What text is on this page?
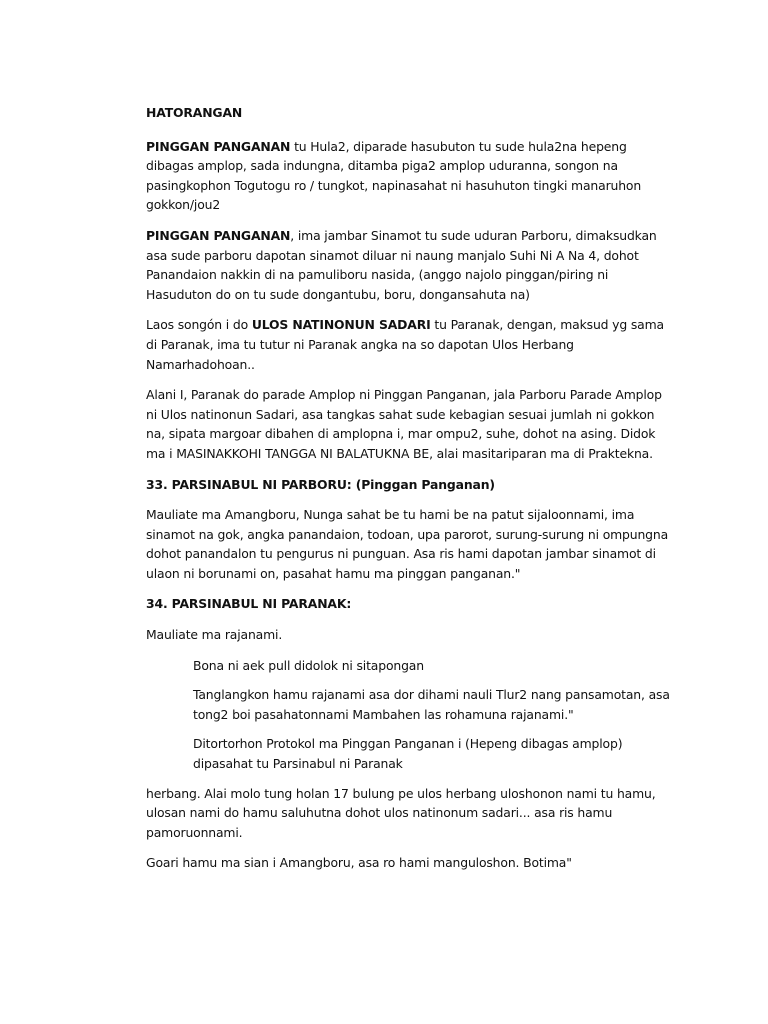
HATORANGAN

PINGGAN PANGANAN tu Hula2, diparade hasubuton tu sude hula2na hepeng dibagas amplop, sada indungna, ditamba piga2 amplop uduranna, songon na pasingkophon Togutogu ro / tungkot, napinasahat ni hasuhuton tingki manaruhon gokkon/jou2

PINGGAN PANGANAN, ima jambar Sinamot tu sude uduran Parboru, dimaksudkan asa sude parboru dapotan sinamot diluar ni naung manjalo Suhi Ni A Na 4, dohot Panandaion nakkin di na pamuliboru nasida, (anggo najolo pinggan/piring ni Hasuduton do on tu sude dongantubu, boru, dongansahuta na)

Laos songón i do ULOS NATINONUN SADARI tu Paranak, dengan, maksud yg sama di Paranak, ima tu tutur ni Paranak angka na so dapotan Ulos Herbang Namarhadohoan..

Alani I, Paranak do parade Amplop ni Pinggan Panganan, jala Parboru Parade Amplop ni Ulos natinonun Sadari, asa tangkas sahat sude kebagian sesuai jumlah ni gokkon na, sipata margoar dibahen di amplopna i, mar ompu2, suhe, dohot na asing. Didok ma i MASINAKKOHI TANGGA NI BALATUKNA BE, alai masitariparan ma di Praktekna.

33. PARSINABUL NI PARBORU: (Pinggan Panganan)

Mauliate ma Amangboru, Nunga sahat be tu hami be na patut sijaloonnami, ima sinamot na gok, angka panandaion, todoan, upa parorot, surung-surung ni ompungna dohot panandalon tu pengurus ni punguan. Asa ris hami dapotan jambar sinamot di ulaon ni borunami on, pasahat hamu ma pinggan panganan."

34. PARSINABUL NI PARANAK:

Mauliate ma rajanami.

Bona ni aek pull didolok ni sitapongan

Tanglangkon hamu rajanami asa dor dihami nauli Tlur2 nang pansamotan, asa tong2 boi pasahatonnami Mambahen las rohamuna rajanami."

Ditortorhon Protokol ma Pinggan Panganan i (Hepeng dibagas amplop) dipasahat tu Parsinabul ni Paranak

herbang. Alai molo tung holan 17 bulung pe ulos herbang uloshonon nami tu hamu, ulosan nami do hamu saluhutna dohot ulos natinonum sadari... asa ris hamu pamoruonnami.

Goari hamu ma sian i Amangboru, asa ro hami manguloshon. Botima"
